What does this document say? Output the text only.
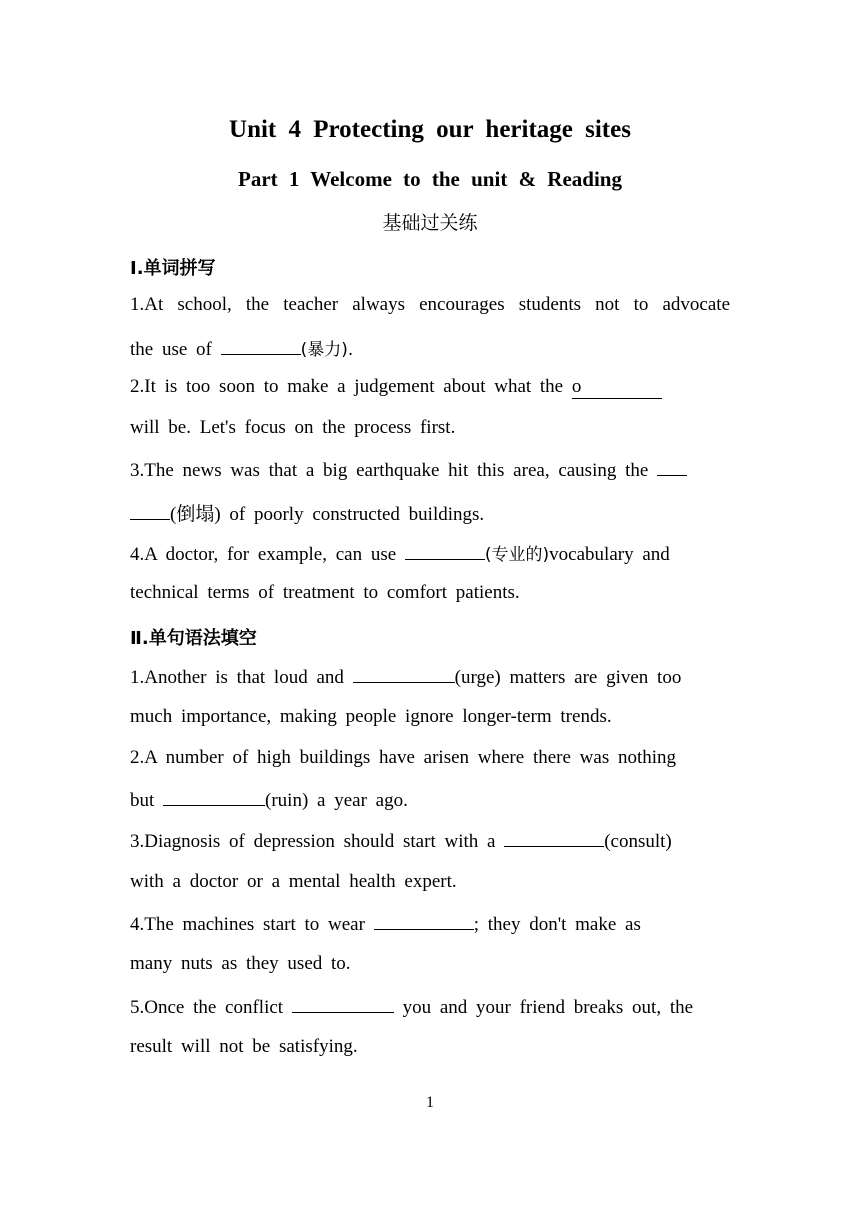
Unit 4 Protecting our heritage sites
Part 1 Welcome to the unit & Reading
基础过关练
Ⅰ.单词拼写
1.At school, the teacher always encourages students not to advocate
the use of	(暴力).
2.It is too soon to make a judgement about what the o
will be. Let's focus on the process first.
3.The news was that a big earthquake hit this area, causing the
(倒塌) of poorly constructed buildings.
4.A doctor, for example, can use	(专业的)vocabulary and
technical terms of treatment to comfort patients.
Ⅱ.单句语法填空
1.Another is that loud and	(urge) matters are given too
much importance, making people ignore longer-term trends.
2.A number of high buildings have arisen where there was nothing
but	(ruin) a year ago.
3.Diagnosis of depression should start with a	(consult)
with a doctor or a mental health expert.
4.The machines start to wear	; they don't make as
many nuts as they used to.
5.Once the conflict	you and your friend breaks out, the
result will not be satisfying.
1
